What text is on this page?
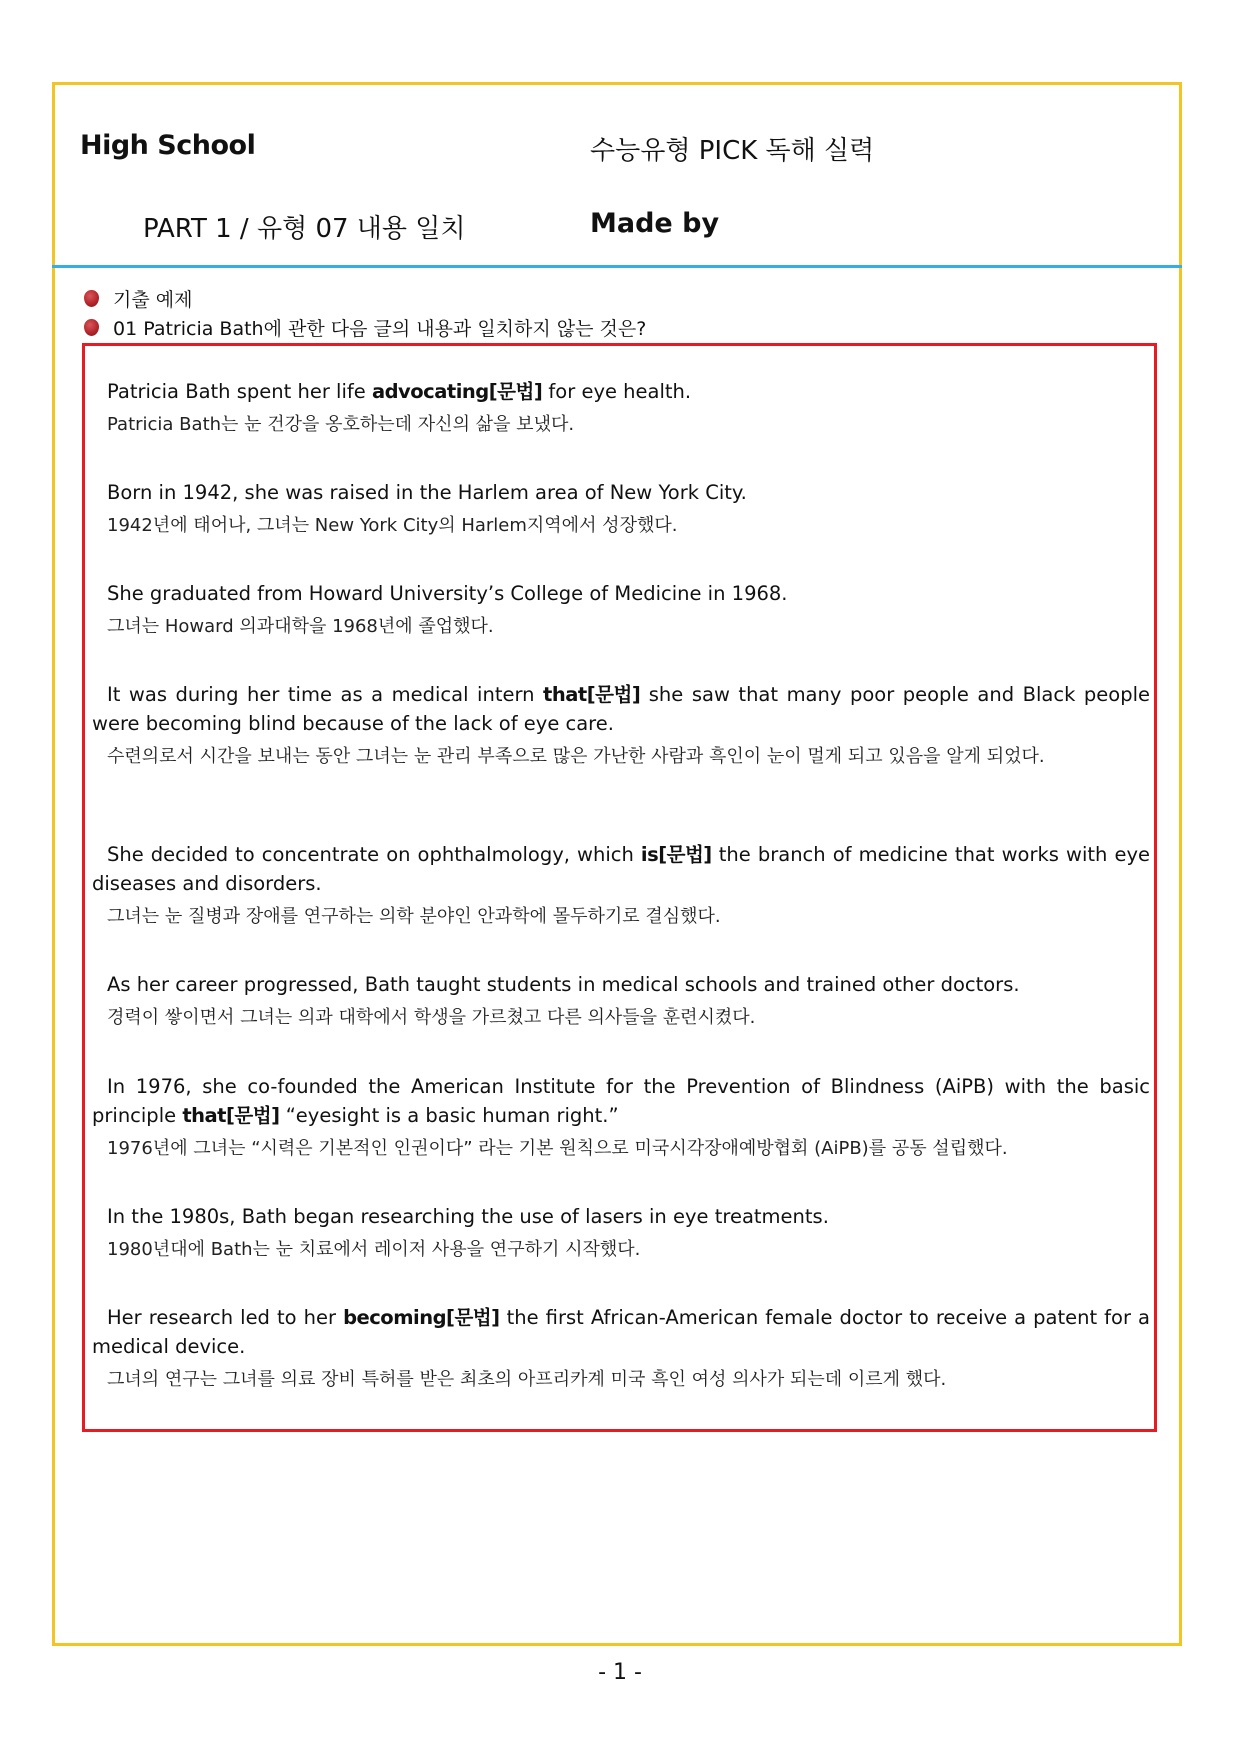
High School	수능유형 PICK 독해 실력
PART 1 / 유형 07 내용 일치	Made by
기출 예제
01 Patricia Bath에 관한 다음 글의 내용과 일치하지 않는 것은?
Patricia Bath spent her life advocating[문법] for eye health.
Patricia Bath는 눈 건강을 옹호하는데 자신의 삶을 보냈다.
Born in 1942, she was raised in the Harlem area of New York City.
1942년에 태어나, 그녀는 New York City의 Harlem지역에서 성장했다.
She graduated from Howard University’s College of Medicine in 1968.
그녀는 Howard 의과대학을 1968년에 졸업했다.
It was during her time as a medical intern that[문법] she saw that many poor people and Black people were becoming blind because of the lack of eye care.
수련의로서 시간을 보내는 동안 그녀는 눈 관리 부족으로 많은 가난한 사람과 흑인이 눈이 멀게 되고 있음을 알게 되었다.
She decided to concentrate on ophthalmology, which is[문법] the branch of medicine that works with eye diseases and disorders.
그녀는 눈 질병과 장애를 연구하는 의학 분야인 안과학에 몰두하기로 결심했다.
As her career progressed, Bath taught students in medical schools and trained other doctors.
경력이 쌓이면서 그녀는 의과 대학에서 학생을 가르쳤고 다른 의사들을 훈련시켰다.
In 1976, she co-founded the American Institute for the Prevention of Blindness (AiPB) with the basic principle that[문법] “eyesight is a basic human right.”
1976년에 그녀는 “시력은 기본적인 인권이다” 라는 기본 원칙으로 미국시각장애예방협회 (AiPB)를 공동 설립했다.
In the 1980s, Bath began researching the use of lasers in eye treatments.
1980년대에 Bath는 눈 치료에서 레이저 사용을 연구하기 시작했다.
Her research led to her becoming[문법] the first African-American female doctor to receive a patent for a medical device.
그녀의 연구는 그녀를 의료 장비 특허를 받은 최초의 아프리카계 미국 흑인 여성 의사가 되는데 이르게 했다.
- 1 -
